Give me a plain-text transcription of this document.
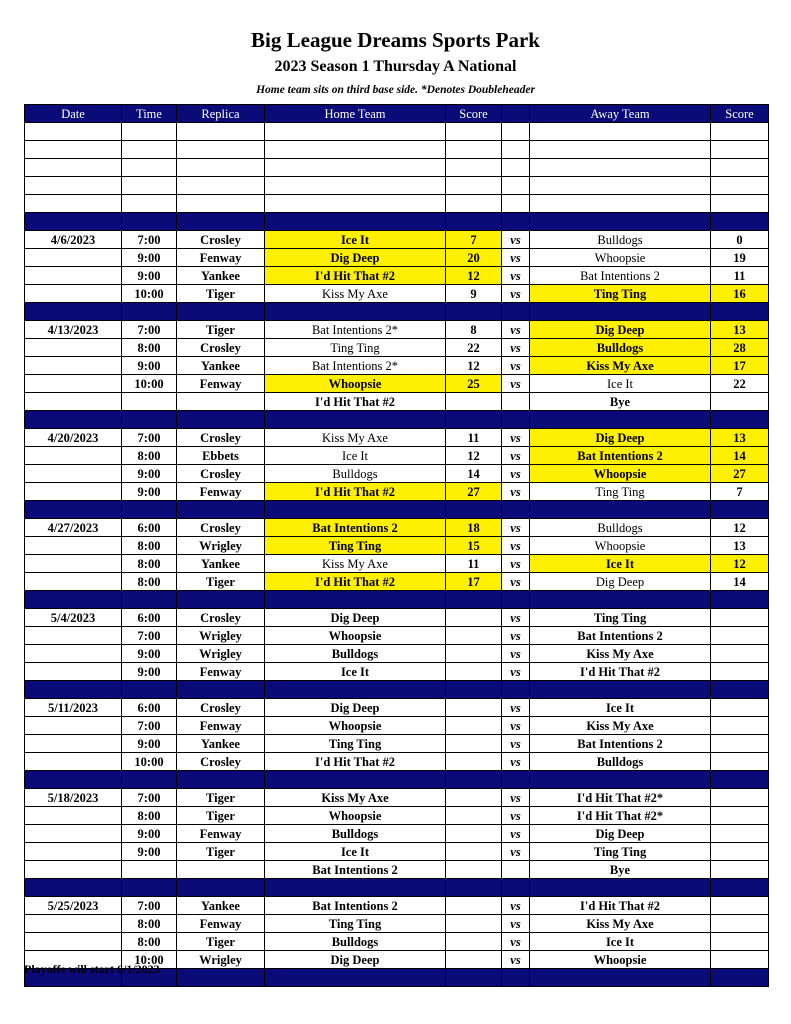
Big League Dreams Sports Park
2023 Season 1 Thursday A National
Home team sits on third base side. *Denotes Doubleheader
Date	Time	Replica	Home Team	Score		Away Team	Score

4/6/2023	7:00	Crosley	Ice It	7	vs	Bulldogs	0
	9:00	Fenway	Dig Deep	20	vs	Whoopsie	19
	9:00	Yankee	I'd Hit That #2	12	vs	Bat Intentions 2	11
	10:00	Tiger	Kiss My Axe	9	vs	Ting Ting	16

4/13/2023	7:00	Tiger	Bat Intentions 2*	8	vs	Dig Deep	13
	8:00	Crosley	Ting Ting	22	vs	Bulldogs	28
	9:00	Yankee	Bat Intentions 2*	12	vs	Kiss My Axe	17
	10:00	Fenway	Whoopsie	25	vs	Ice It	22
			I'd Hit That #2			Bye	

4/20/2023	7:00	Crosley	Kiss My Axe	11	vs	Dig Deep	13
	8:00	Ebbets	Ice It	12	vs	Bat Intentions 2	14
	9:00	Crosley	Bulldogs	14	vs	Whoopsie	27
	9:00	Fenway	I'd Hit That #2	27	vs	Ting Ting	7

4/27/2023	6:00	Crosley	Bat Intentions 2	18	vs	Bulldogs	12
	8:00	Wrigley	Ting Ting	15	vs	Whoopsie	13
	8:00	Yankee	Kiss My Axe	11	vs	Ice It	12
	8:00	Tiger	I'd Hit That #2	17	vs	Dig Deep	14

5/4/2023	6:00	Crosley	Dig Deep		vs	Ting Ting	
	7:00	Wrigley	Whoopsie		vs	Bat Intentions 2	
	9:00	Wrigley	Bulldogs		vs	Kiss My Axe	
	9:00	Fenway	Ice It		vs	I'd Hit That #2	

5/11/2023	6:00	Crosley	Dig Deep		vs	Ice It	
	7:00	Fenway	Whoopsie		vs	Kiss My Axe	
	9:00	Yankee	Ting Ting		vs	Bat Intentions 2	
	10:00	Crosley	I'd Hit That #2		vs	Bulldogs	

5/18/2023	7:00	Tiger	Kiss My Axe		vs	I'd Hit That #2*	
	8:00	Tiger	Whoopsie		vs	I'd Hit That #2*	
	9:00	Fenway	Bulldogs		vs	Dig Deep	
	9:00	Tiger	Ice It		vs	Ting Ting	
			Bat Intentions 2			Bye	

5/25/2023	7:00	Yankee	Bat Intentions 2		vs	I'd Hit That #2	
	8:00	Fenway	Ting Ting		vs	Kiss My Axe	
	8:00	Tiger	Bulldogs		vs	Ice It	
	10:00	Wrigley	Dig Deep		vs	Whoopsie	

Playoffs will start 6/1/2023
